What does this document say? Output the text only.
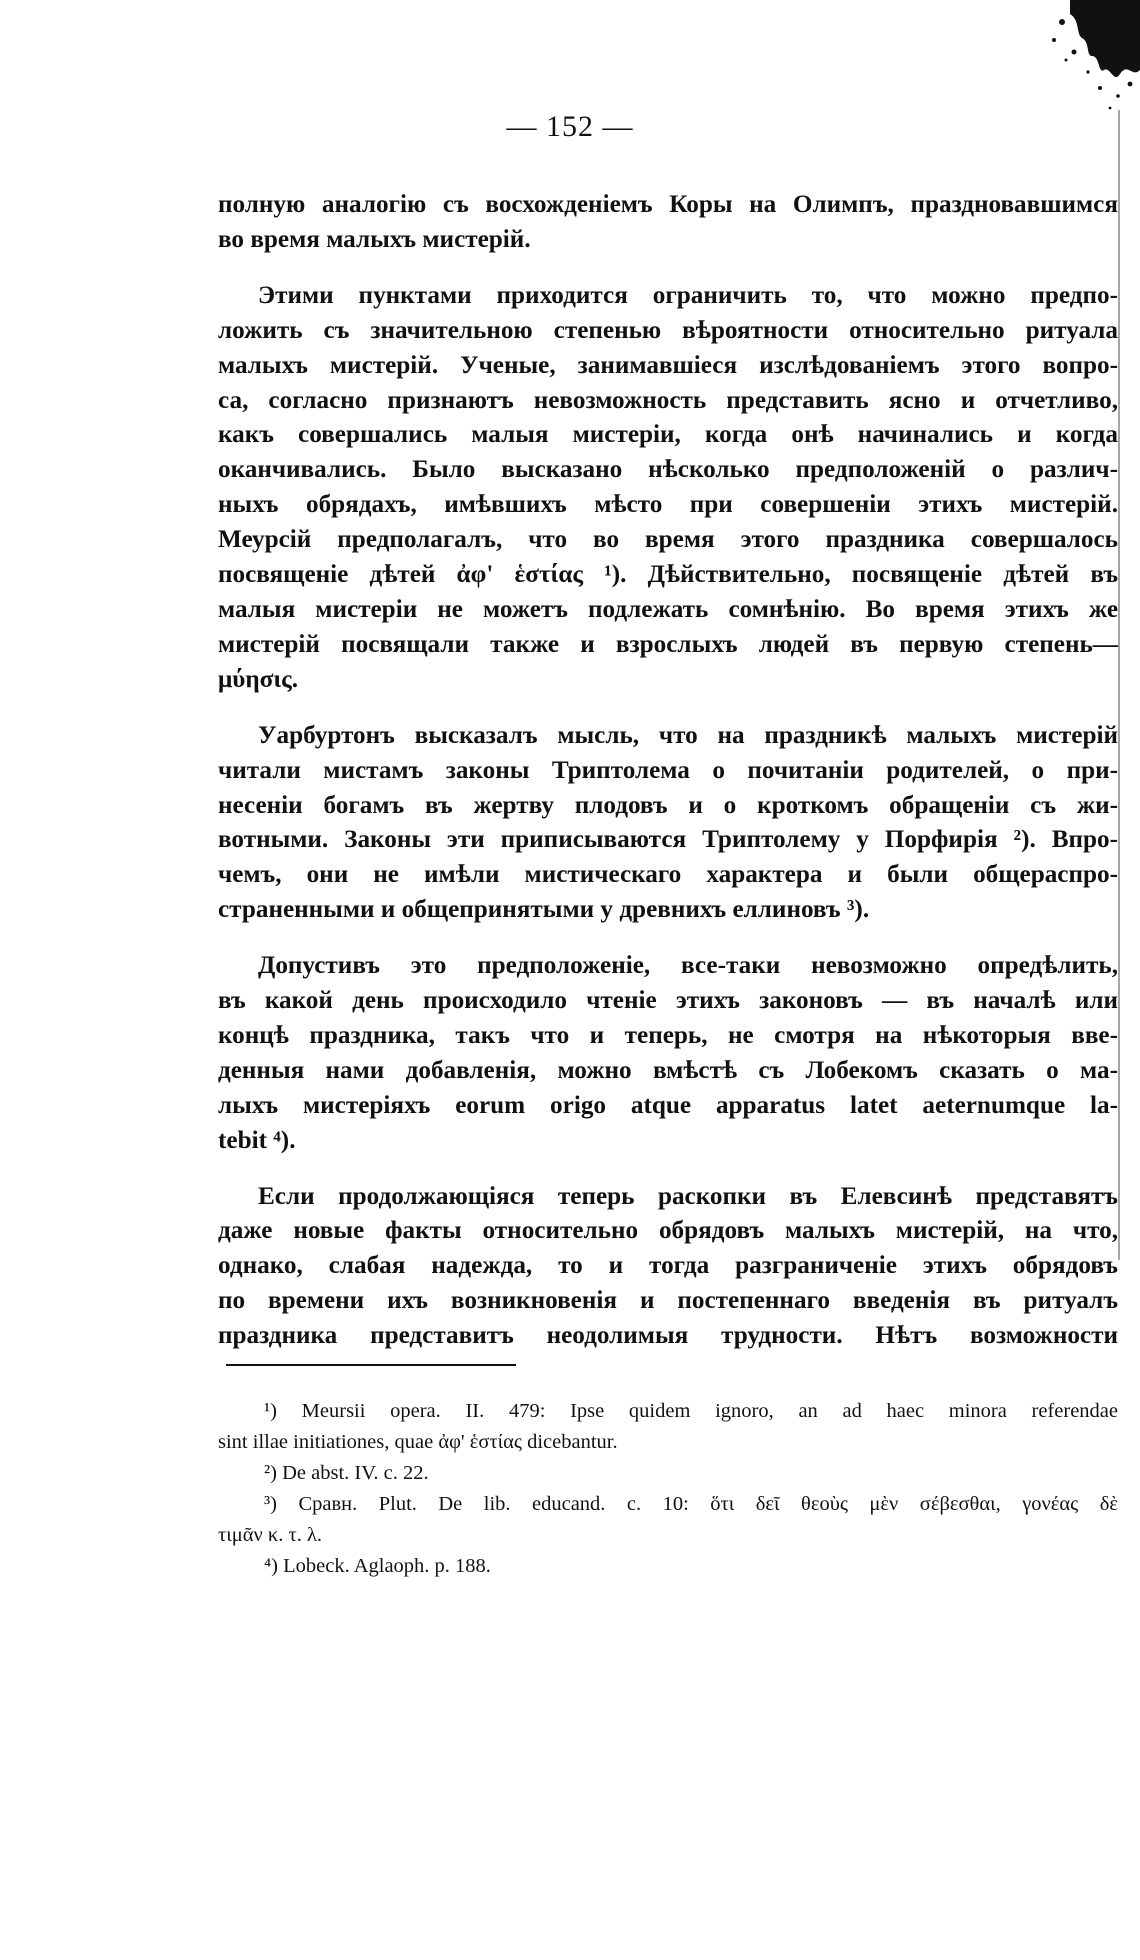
— 152 —

полную аналогію съ восхожденіемъ Коры на Олимпъ, праздновавшимся
во время малыхъ мистерій.

Этими пунктами приходится ограничить то, что можно предпо-
ложить съ значительною степенью вѣроятности относительно ритуала
малыхъ мистерій. Ученые, занимавшіеся изслѣдованіемъ этого вопро-
са, согласно признаютъ невозможность представить ясно и отчетливо,
какъ совершались малыя мистеріи, когда онѣ начинались и когда
оканчивались. Было высказано нѣсколько предположеній о различ-
ныхъ обрядахъ, имѣвшихъ мѣсто при совершеніи этихъ мистерій.
Меурсій предполагалъ, что во время этого праздника совершалось
посвященіе дѣтей ἀφ' ἑστίας ¹). Дѣйствительно, посвященіе дѣтей въ
малыя мистеріи не можетъ подлежать сомнѣнію. Во время этихъ же
мистерій посвящали также и взрослыхъ людей въ первую степень—
μύησις.

Уарбуртонъ высказалъ мысль, что на праздникѣ малыхъ мистерій
читали мистамъ законы Триптолема о почитаніи родителей, о при-
несеніи богамъ въ жертву плодовъ и о кроткомъ обращеніи съ жи-
вотными. Законы эти приписываются Триптолему у Порфирія ²). Впро-
чемъ, они не имѣли мистическаго характера и были общераспро-
страненными и общепринятыми у древнихъ еллиновъ ³).

Допустивъ это предположеніе, все-таки невозможно опредѣлить,
въ какой день происходило чтеніе этихъ законовъ — въ началѣ или
концѣ праздника, такъ что и теперь, не смотря на нѣкоторыя вве-
денныя нами добавленія, можно вмѣстѣ съ Лобекомъ сказать о ма-
лыхъ мистеріяхъ eorum origo atque apparatus latet aeternumque la-
tebit ⁴).

Если продолжающіяся теперь раскопки въ Елевсинѣ представятъ
даже новые факты относительно обрядовъ малыхъ мистерій, на что,
однако, слабая надежда, то и тогда разграниченіе этихъ обрядовъ
по времени ихъ возникновенія и постепеннаго введенія въ ритуалъ
праздника представитъ неодолимыя трудности. Нѣтъ возможности

¹) Meursii opera. II. 479: Ipse quidem ignoro, an ad haec minora referendae
sint illae initiationes, quae ἀφ' ἑστίας dicebantur.
²) De abst. IV. c. 22.
³) Сравн. Plut. De lib. educand. c. 10: ὅτι δεῖ θεοὺς μὲν σέβεσθαι, γονέας δὲ
τιμᾶν κ. τ. λ.
⁴) Lobeck. Aglaoph. p. 188.
